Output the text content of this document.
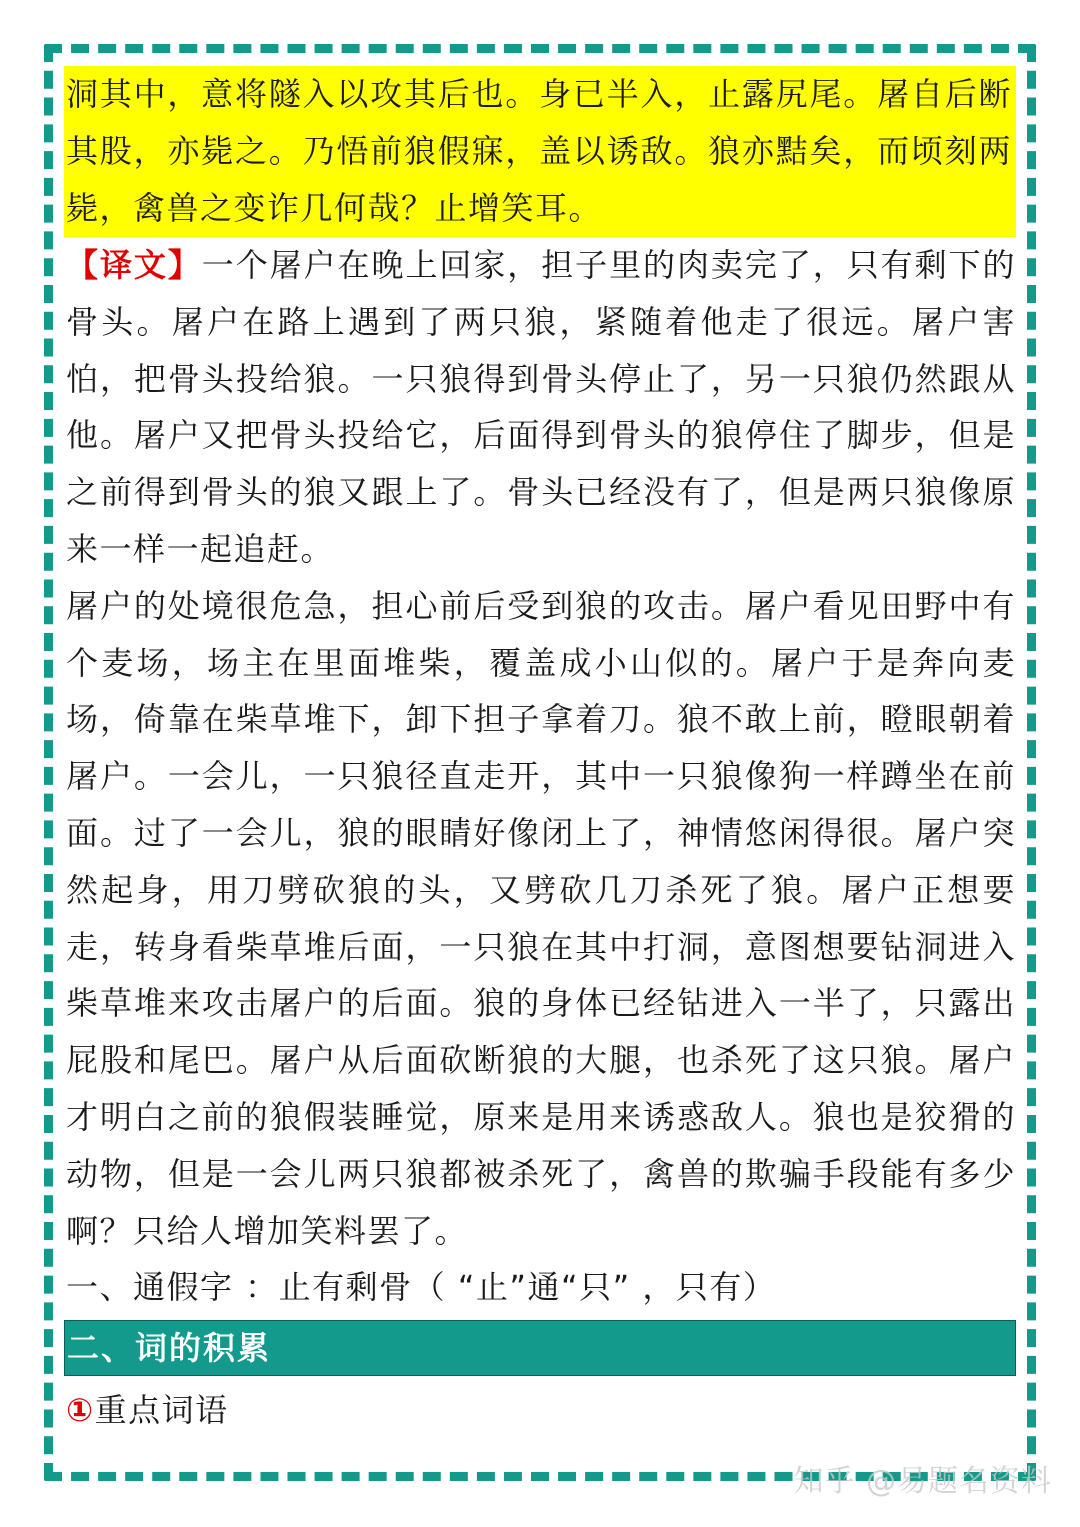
洞其中，意将隧入以攻其后也。身已半入，止露尻尾。屠自后断其股，亦毙之。乃悟前狼假寐，盖以诱敌。狼亦黠矣，而顷刻两毙，禽兽之变诈几何哉？止增笑耳。

【译文】一个屠户在晚上回家，担子里的肉卖完了，只有剩下的骨头。屠户在路上遇到了两只狼，紧随着他走了很远。屠户害怕，把骨头投给狼。一只狼得到骨头停止了，另一只狼仍然跟从他。屠户又把骨头投给它，后面得到骨头的狼停住了脚步，但是之前得到骨头的狼又跟上了。骨头已经没有了，但是两只狼像原来一样一起追赶。

屠户的处境很危急，担心前后受到狼的攻击。屠户看见田野中有个麦场，场主在里面堆柴，覆盖成小山似的。屠户于是奔向麦场，倚靠在柴草堆下，卸下担子拿着刀。狼不敢上前，瞪眼朝着屠户。一会儿，一只狼径直走开，其中一只狼像狗一样蹲坐在前面。过了一会儿，狼的眼睛好像闭上了，神情悠闲得很。屠户突然起身，用刀劈砍狼的头，又劈砍几刀杀死了狼。屠户正想要走，转身看柴草堆后面，一只狼在其中打洞，意图想要钻洞进入柴草堆来攻击屠户的后面。狼的身体已经钻进入一半了，只露出屁股和尾巴。屠户从后面砍断狼的大腿，也杀死了这只狼。屠户才明白之前的狼假装睡觉，原来是用来诱惑敌人。狼也是狡猾的动物，但是一会儿两只狼都被杀死了，禽兽的欺骗手段能有多少啊？只给人增加笑料罢了。

一、通假字 ：止有剩骨（ “止”通“只” ，只有）

二、词的积累
①重点词语
知乎 @易题名资料
